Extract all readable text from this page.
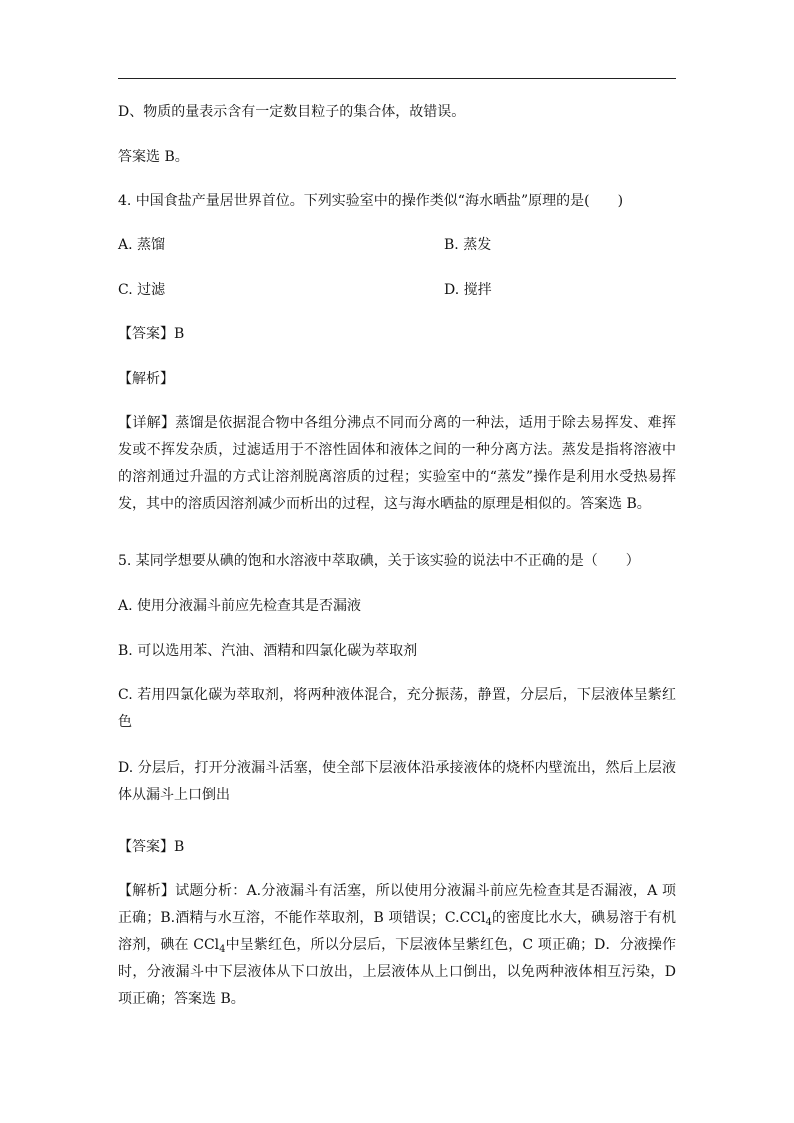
D、物质的量表示含有一定数目粒子的集合体，故错误。
答案选 B。
4. 中国食盐产量居世界首位。下列实验室中的操作类似“海水晒盐”原理的是(　　)
A. 蒸馏	B. 蒸发
C. 过滤	D. 搅拌
【答案】B
【解析】
【详解】蒸馏是依据混合物中各组分沸点不同而分离的一种法，适用于除去易挥发、难挥发或不挥发杂质，过滤适用于不溶性固体和液体之间的一种分离方法。蒸发是指将溶液中的溶剂通过升温的方式让溶剂脱离溶质的过程；实验室中的“蒸发”操作是利用水受热易挥发，其中的溶质因溶剂减少而析出的过程，这与海水晒盐的原理是相似的。答案选 B。
5. 某同学想要从碘的饱和水溶液中萃取碘，关于该实验的说法中不正确的是（　　）
A. 使用分液漏斗前应先检查其是否漏液
B. 可以选用苯、汽油、酒精和四氯化碳为萃取剂
C. 若用四氯化碳为萃取剂，将两种液体混合，充分振荡，静置，分层后，下层液体呈紫红色
D. 分层后，打开分液漏斗活塞，使全部下层液体沿承接液体的烧杯内壁流出，然后上层液体从漏斗上口倒出
【答案】B
【解析】试题分析：A.分液漏斗有活塞，所以使用分液漏斗前应先检查其是否漏液，A 项正确；B.酒精与水互溶，不能作萃取剂，B 项错误；C.CCl$_4$的密度比水大，碘易溶于有机溶剂，碘在 CCl$_4$中呈紫红色，所以分层后，下层液体呈紫红色，C 项正确；D．分液操作时，分液漏斗中下层液体从下口放出，上层液体从上口倒出，以免两种液体相互污染，D 项正确；答案选 B。
